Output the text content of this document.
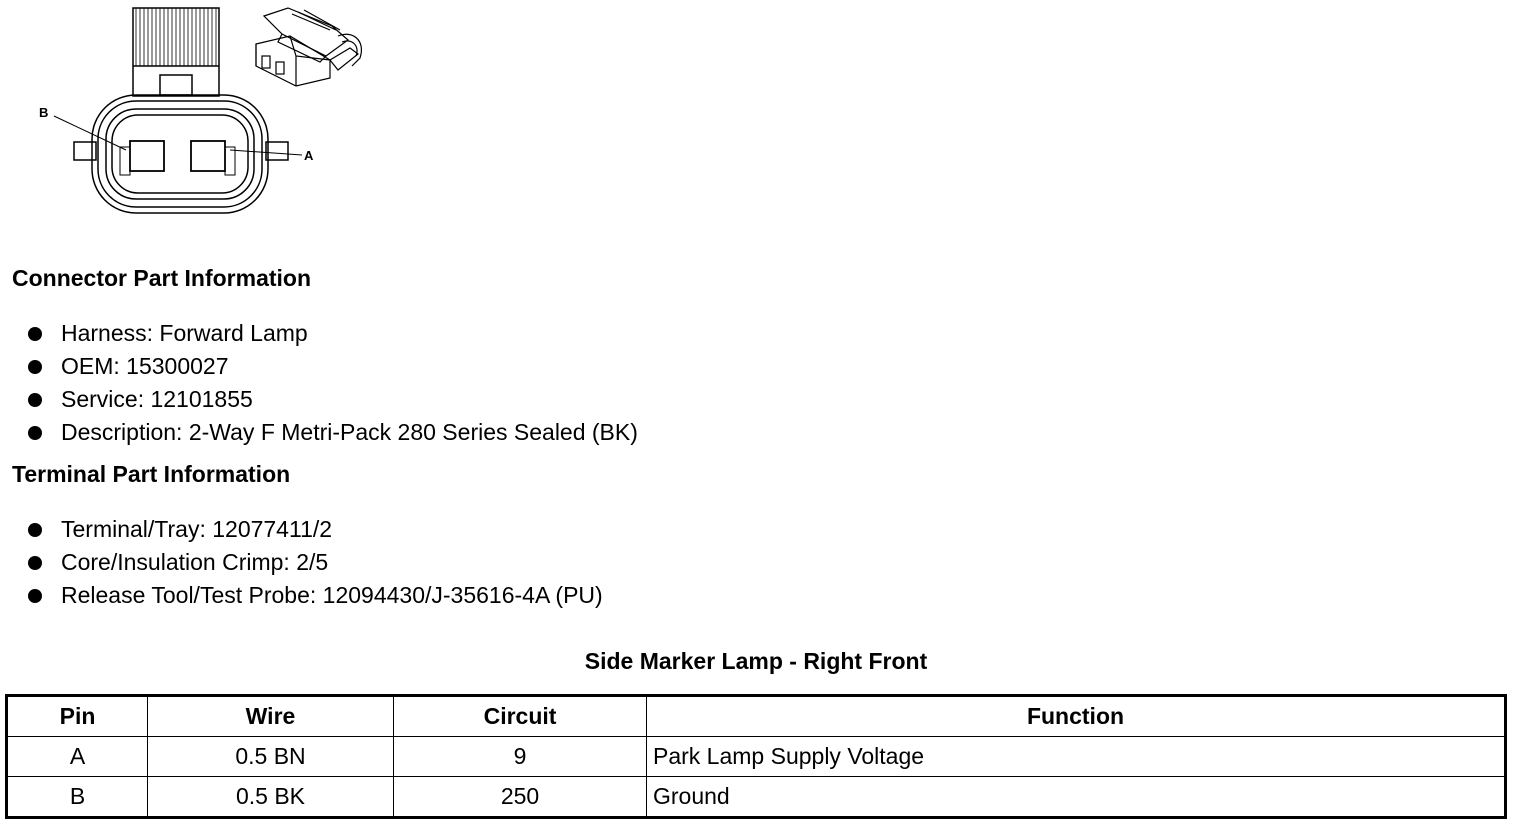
B
A
Connector Part Information
Harness: Forward Lamp
OEM: 15300027
Service: 12101855
Description: 2-Way F Metri-Pack 280 Series Sealed (BK)
Terminal Part Information
Terminal/Tray: 12077411/2
Core/Insulation Crimp: 2/5
Release Tool/Test Probe: 12094430/J-35616-4A (PU)
Side Marker Lamp - Right Front
Pin	Wire	Circuit	Function
A	0.5 BN	9	Park Lamp Supply Voltage
B	0.5 BK	250	Ground
